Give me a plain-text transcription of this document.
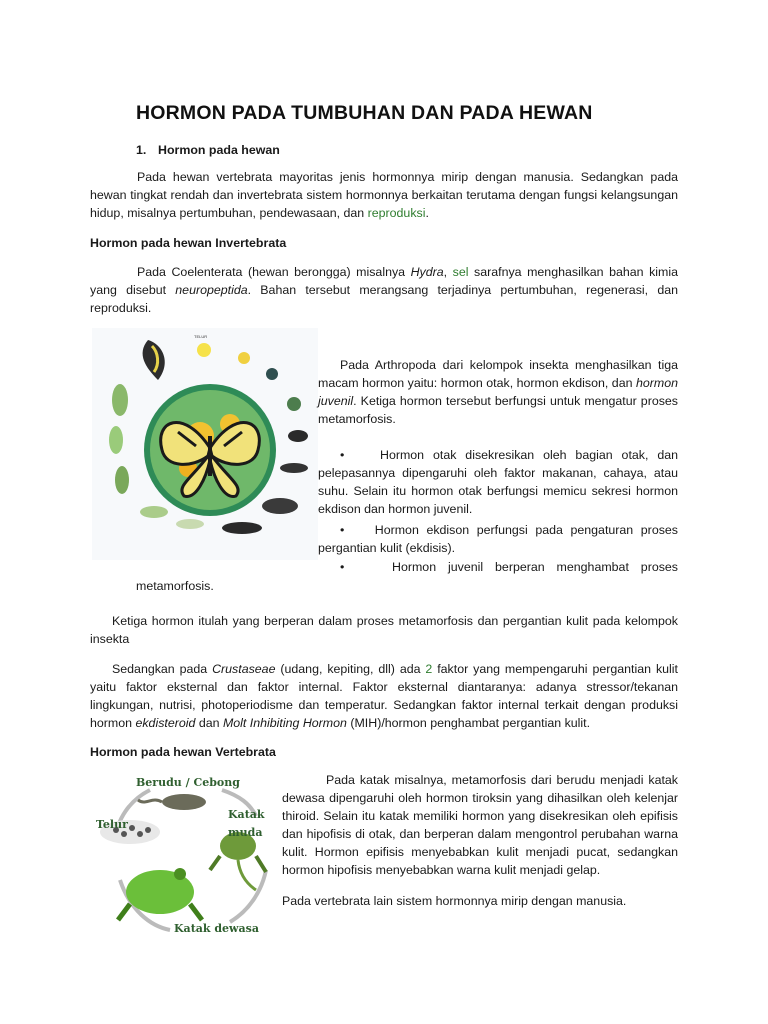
HORMON PADA TUMBUHAN DAN PADA HEWAN
1. Hormon pada hewan
Pada hewan vertebrata mayoritas jenis hormonnya mirip dengan manusia. Sedangkan pada hewan tingkat rendah dan invertebrata sistem hormonnya berkaitan terutama dengan fungsi kelangsungan hidup, misalnya pertumbuhan, pendewasaan, dan reproduksi.
Hormon pada hewan Invertebrata
Pada Coelenterata (hewan berongga) misalnya Hydra, sel sarafnya menghasilkan bahan kimia yang disebut neuropeptida. Bahan tersebut merangsang terjadinya pertumbuhan, regenerasi, dan reproduksi.
TELUR
Pada Arthropoda dari kelompok insekta menghasilkan tiga macam hormon yaitu: hormon otak, hormon ekdison, dan hormon juvenil. Ketiga hormon tersebut berfungsi untuk mengatur proses metamorfosis.
•	Hormon otak disekresikan oleh bagian otak, dan pelepasannya dipengaruhi oleh faktor makanan, cahaya, atau suhu. Selain itu hormon otak berfungsi memicu sekresi hormon ekdison dan hormon juvenil.
• Hormon ekdison perfungsi pada pengaturan proses pergantian kulit (ekdisis).
•	Hormon juvenil berperan menghambat proses
metamorfosis.
Ketiga hormon itulah yang berperan dalam proses metamorfosis dan pergantian kulit pada kelompok insekta
Sedangkan pada Crustaseae (udang, kepiting, dll) ada 2 faktor yang mempengaruhi pergantian kulit yaitu faktor eksternal dan faktor internal. Faktor eksternal diantaranya: adanya stressor/tekanan lingkungan, nutrisi, photoperiodisme dan temperatur. Sedangkan faktor internal terkait dengan produksi hormon ekdisteroid dan Molt Inhibiting Hormon (MIH)/hormon penghambat pergantian kulit.
Hormon pada hewan Vertebrata
Berudu / Cebong
Telur
Katak muda
Katak dewasa
Pada katak misalnya, metamorfosis dari berudu menjadi katak dewasa dipengaruhi oleh hormon tiroksin yang dihasilkan oleh kelenjar thiroid. Selain itu katak memiliki hormon yang disekresikan oleh epifisis dan hipofisis di otak, dan berperan dalam mengontrol perubahan warna kulit. Hormon epifisis menyebabkan kulit menjadi pucat, sedangkan hormon hipofisis menyebabkan warna kulit menjadi gelap.
Pada vertebrata lain sistem hormonnya mirip dengan manusia.
